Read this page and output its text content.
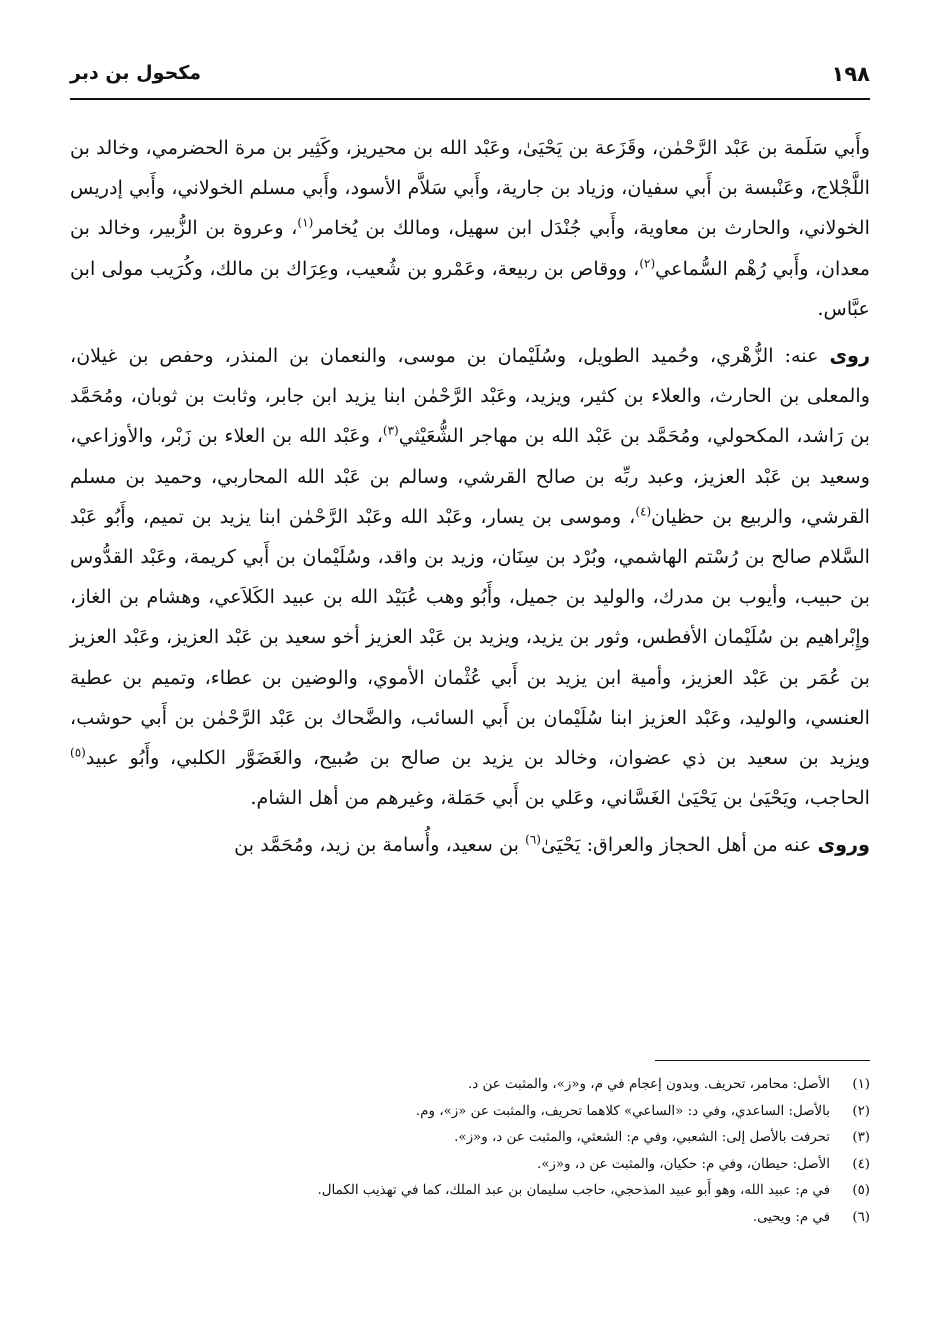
١٩٨
مكحول بن دبر

وأَبي سَلَمة بن عَبْد الرَّحْمٰن، وقَزَعة بن يَحْيَىٰ، وعَبْد الله بن محيريز، وكَثِير بن مرة الحضرمي، وخالد بن اللَّجْلاج، وعَنْبسة بن أَبي سفيان، وزياد بن جارية، وأَبي سَلاَّم الأسود، وأَبي مسلم الخولاني، وأَبي إدريس الخولاني، والحارث بن معاوية، وأَبي جُنْدَل ابن سهيل، ومالك بن يُخامر$^{(١)}$، وعروة بن الزُّبير، وخالد بن معدان، وأَبي رُهْم السُّماعي$^{(٢)}$، ووقاص بن ربيعة، وعَمْرو بن شُعيب، وعِرَاك بن مالك، وكُرَيب مولى ابن عبَّاس.

روى عنه: الزُّهْري، وحُميد الطويل، وسُلَيْمان بن موسى، والنعمان بن المنذر، وحفص بن غيلان، والمعلى بن الحارث، والعلاء بن كثير، ويزيد، وعَبْد الرَّحْمٰن ابنا يزيد ابن جابر، وثابت بن ثوبان، ومُحَمَّد بن رَاشد، المكحولي، ومُحَمَّد بن عَبْد الله بن مهاجر الشُّعَيْثي$^{(٣)}$، وعَبْد الله بن العلاء بن زَبْر، والأوزاعي، وسعيد بن عَبْد العزيز، وعبد ربِّه بن صالح القرشي، وسالم بن عَبْد الله المحاربي، وحميد بن مسلم القرشي، والربيع بن حظيان$^{(٤)}$، وموسى بن يسار، وعَبْد الله وعَبْد الرَّحْمٰن ابنا يزيد بن تميم، وأَبُو عَبْد السَّلام صالح بن رُسْتم الهاشمي، وبُرْد بن سِنَان، وزيد بن واقد، وسُلَيْمان بن أَبي كريمة، وعَبْد القدُّوس بن حبيب، وأيوب بن مدرك، والوليد بن جميل، وأَبُو وهب عُبَيْد الله بن عبيد الكَلاَعي، وهشام بن الغاز، وإِبْراهيم بن سُلَيْمان الأفطس، وثور بن يزيد، ويزيد بن عَبْد العزيز أخو سعيد بن عَبْد العزيز، وعَبْد العزيز بن عُمَر بن عَبْد العزيز، وأمية ابن يزيد بن أَبي عُثْمان الأموي، والوضين بن عطاء، وتميم بن عطية العنسي، والوليد، وعَبْد العزيز ابنا سُلَيْمان بن أَبي السائب، والضَّحاك بن عَبْد الرَّحْمٰن بن أَبي حوشب، ويزيد بن سعيد بن ذي عضوان، وخالد بن يزيد بن صالح بن صُبيح، والغَضَوَّر الكلبي، وأَبُو عبيد$^{(٥)}$ الحاجب، ويَحْيَىٰ بن يَحْيَىٰ الغَسَّاني، وعَلي بن أَبي حَمَلة، وغيرهم من أهل الشام.

وروى عنه من أهل الحجاز والعراق: يَحْيَىٰ$^{(٦)}$ بن سعيد، وأُسامة بن زيد، ومُحَمَّد بن

(١)
الأصل: محامر، تحريف. وبدون إعجام في م، و«ز»، والمثبت عن د.
(٢)
بالأصل: الساعدي، وفي د: «الساعي» كلاهما تحريف، والمثبت عن «ز»، وم.
(٣)
تحرفت بالأصل إلى: الشعبي، وفي م: الشعثي، والمثبت عن د، و«ز».
(٤)
الأصل: حيطان، وفي م: حكيان، والمثبت عن د، و«ز».
(٥)
في م: عبيد الله، وهو أَبو عبيد المذحجي، حاجب سليمان بن عبد الملك، كما في تهذيب الكمال.
(٦)
في م: ويحيى.
